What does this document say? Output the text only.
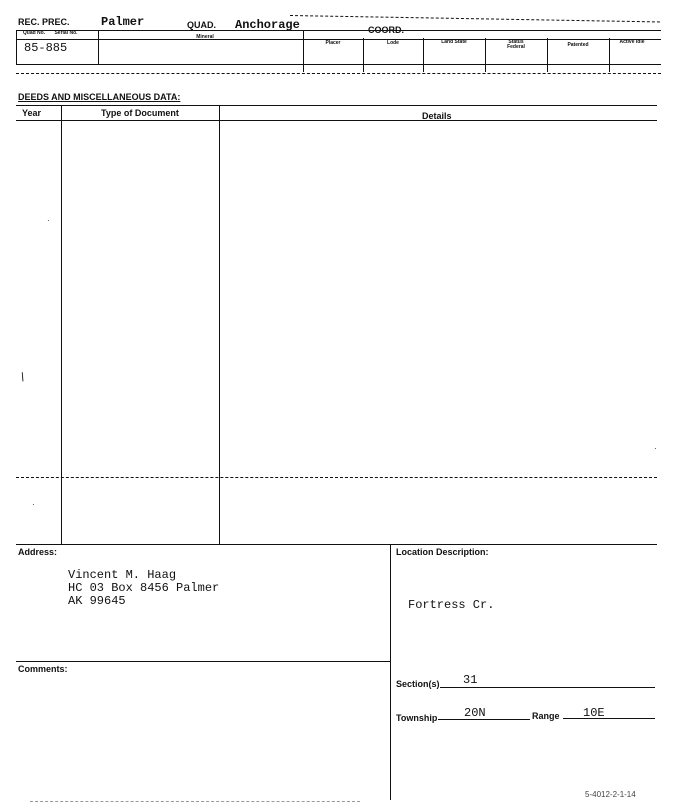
REC. PREC.	Palmer	QUAD. Anchorage	COORD.
Quad No.	Serial No.
Mineral
Placer	Lode	Land State	Status Federal	Patented	Active Idle
85-885
DEEDS AND MISCELLANEOUS DATA:
Year	Type of Document	Details
·
/
·
·
Address:
Vincent M. Haag
HC 03 Box 8456 Palmer
AK 99645
Location Description:
Fortress Cr.
Comments:
Section(s) 31
Township 20N	Range 10E
5-4012-2-1-14
